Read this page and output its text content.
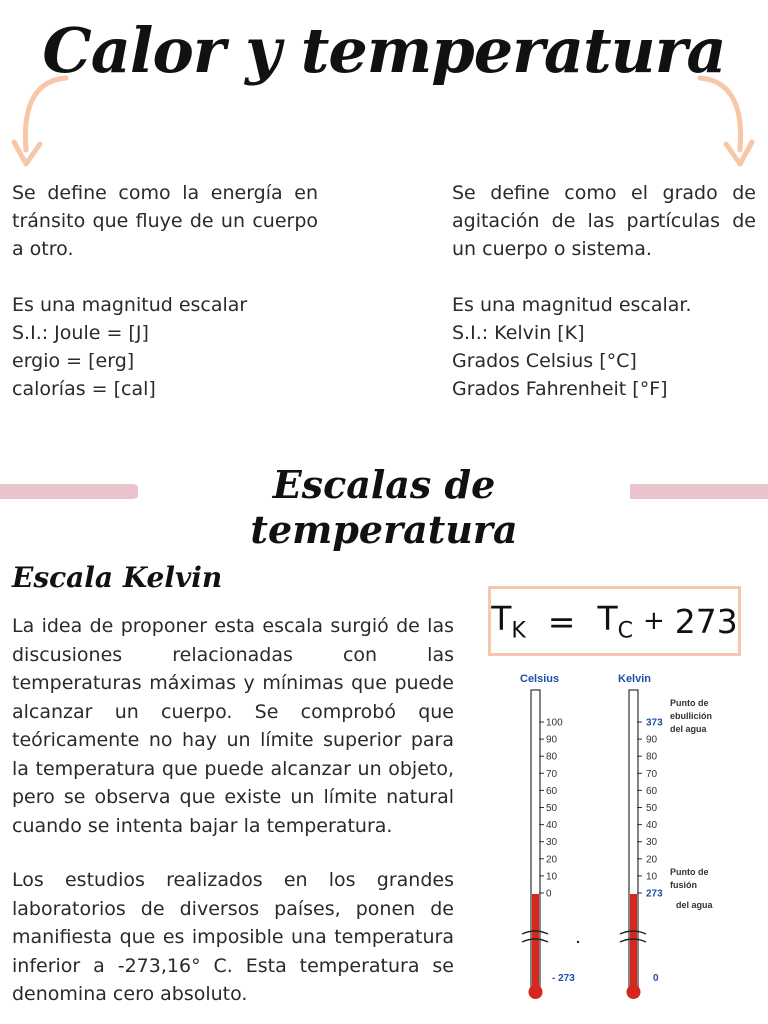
Calor y temperatura

Se define como la energía en tránsito que fluye de un cuerpo a otro.

Es una magnitud escalar
S.I.: Joule = [J]
ergio = [erg]
calorías = [cal]

Se define como el grado de agitación de las partículas de un cuerpo o sistema.

Es una magnitud escalar.
S.I.: Kelvin [K]
Grados Celsius [°C]
Grados Fahrenheit [°F]
Escalas de temperatura
Escala Kelvin

La idea de proponer esta escala surgió de las discusiones relacionadas con las temperaturas máximas y mínimas que puede alcanzar un cuerpo. Se comprobó que teóricamente no hay un límite superior para la temperatura que puede alcanzar un objeto, pero se observa que existe un límite natural cuando se intenta bajar la temperatura.

Los estudios realizados en los grandes laboratorios de diversos países, ponen de manifiesta que es imposible una temperatura inferior a -273,16° C. Esta temperatura se denomina cero absoluto.

$T_K = T_C + 273$
Celsius	Kelvin
100
90
80
70
60
50
40
30
20
10
0
373
90
80
70
60
50
40
30
20
10
273
- 273	0
Punto de
ebullición
del agua
Punto de
fusión
del agua
